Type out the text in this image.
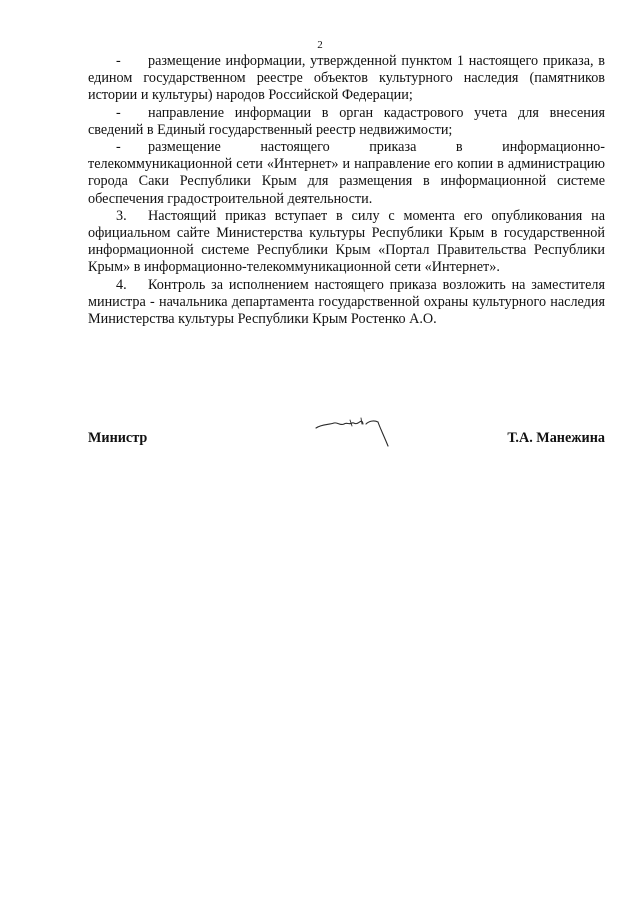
2

- размещение информации, утвержденной пунктом 1 настоящего приказа, в едином государственном реестре объектов культурного наследия (памятников истории и культуры) народов Российской Федерации;

- направление информации в орган кадастрового учета для внесения сведений в Единый государственный реестр недвижимости;

- размещение настоящего приказа в информационно-телекоммуникационной сети «Интернет» и направление его копии в администрацию города Саки Республики Крым для размещения в информационной системе обеспечения градостроительной деятельности.

3. Настоящий приказ вступает в силу с момента его опубликования на официальном сайте Министерства культуры Республики Крым в государственной информационной системе Республики Крым «Портал Правительства Республики Крым» в информационно-телекоммуникационной сети «Интернет».

4. Контроль за исполнением настоящего приказа возложить на заместителя министра - начальника департамента государственной охраны культурного наследия Министерства культуры Республики Крым Ростенко А.О.

Министр	Т.А. Манежина
